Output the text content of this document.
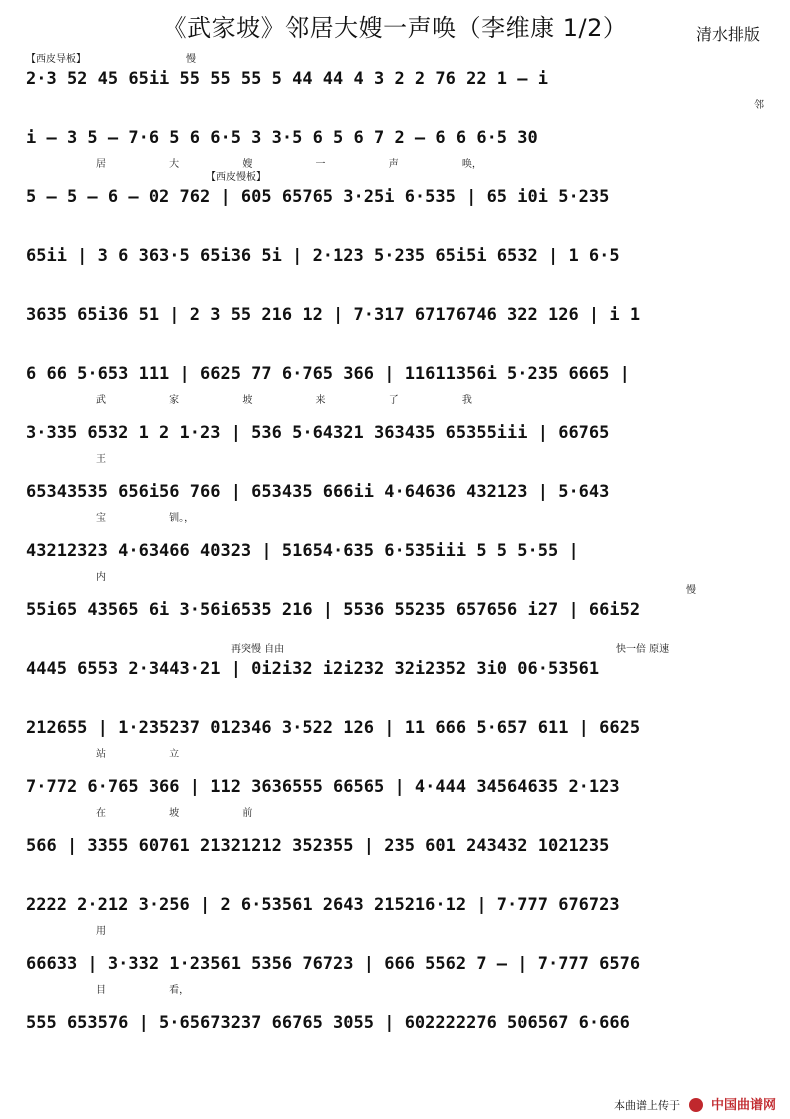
《武家坡》邻居大嫂一声唤（李维康 1/2）	清水排版
【西皮导板】	慢
2·3 52 45 65ii 55 55 55 5 44 44 4 3 2 2 76 22 1 – i
邻
i – 3 5 – 7·6 5 6 6·5 3 3·5 6 5 6 7 2 – 6 6 6·5 30
居 大 嫂 一 声 唤，
【西皮慢板】
5 – 5 – 6 – 02 762 | 605 65765 3·25i 6·535 | 65 i0i 5·235
65ii | 3 6 363·5 65i36 5i | 2·123 5·235 65i5i 6532 | 1 6·5
3635 65i36 51 | 2 3 55 216 12 | 7·317 67176746 322 126 | i 1
6 66 5·653 111 | 6625 77 6·765 366 | 11611356i 5·235 6665 |
武 家 坡 来 了 我
3·335 6532 1 2 1·23 | 536 5·64321 363435 65355iii | 66765
王
65343535 656i56 766 | 653435 666ii 4·64636 432123 | 5·643
宝 钏。，
43212323 4·63466 40323 | 51654·635 6·535iii 5 5 5·55 |
内
慢
55i65 43565 6i 3·56i6535 216 | 5536 55235 657656 i27 | 66i52
再突慢 自由	快一倍 原速
4445 6553 2·3443·21 | 0i2i32 i2i232 32i2352 3i0 06·53561
212655 | 1·235237 012346 3·522 126 | 11 666 5·657 611 | 6625
站 立
7·772 6·765 366 | 112 3636555 66565 | 4·444 34564635 2·123
在 坡 前
566 | 3355 60761 21321212 352355 | 235 601 243432 1021235
2222 2·212 3·256 | 2 6·53561 2643 215216·12 | 7·777 676723
用
66633 | 3·332 1·23561 5356 76723 | 666 5562 7 – | 7·777 6576
目 看，
555 653576 | 5·65673237 66765 3055 | 602222276 506567 6·666
本曲谱上传于 中国曲谱网
